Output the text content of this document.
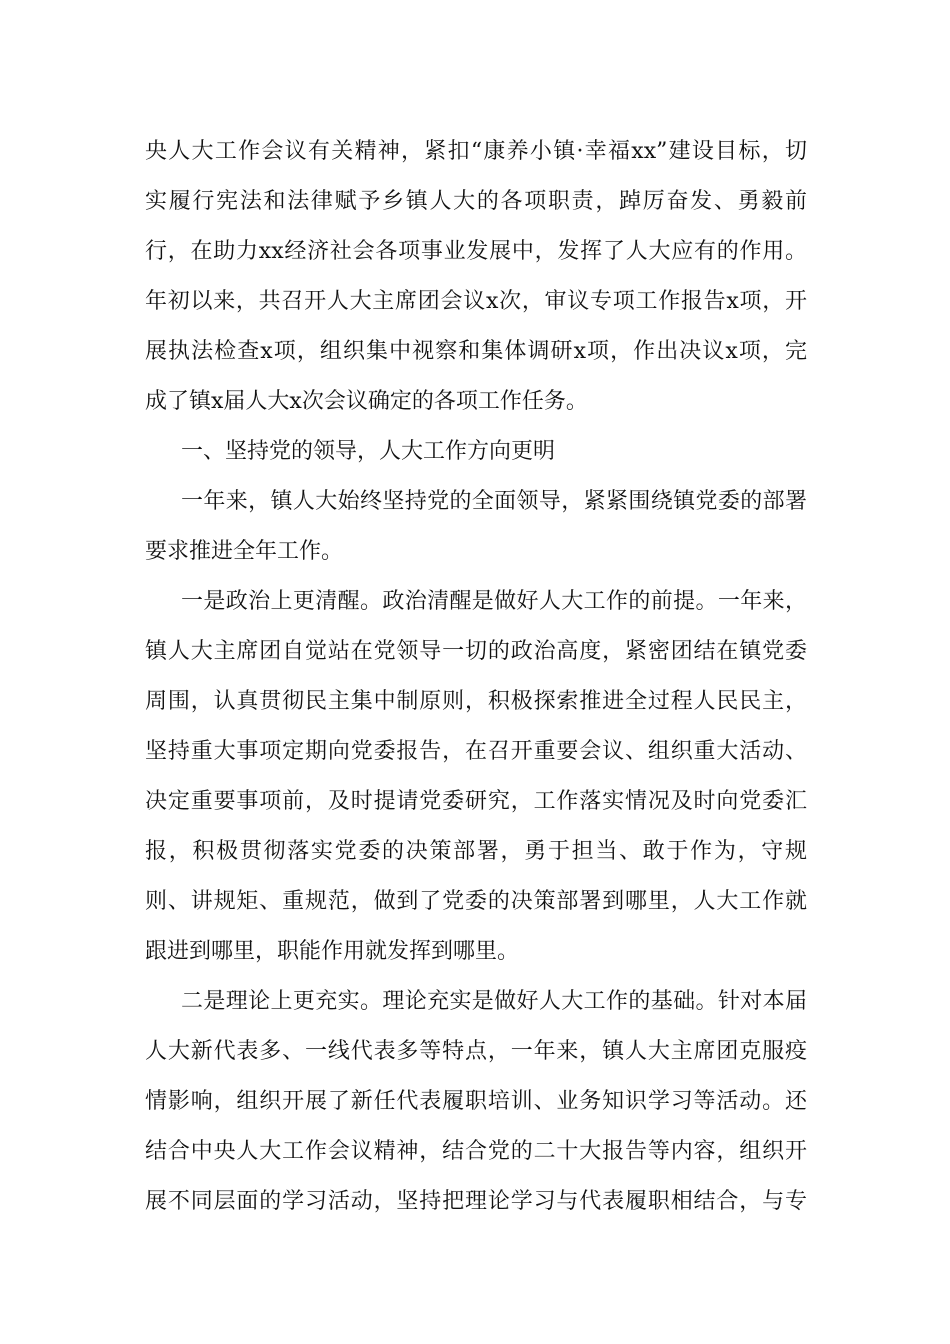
央人大工作会议有关精神，紧扣“康养小镇·幸福xx”建设目标，切
实履行宪法和法律赋予乡镇人大的各项职责，踔厉奋发、勇毅前
行，在助力xx经济社会各项事业发展中，发挥了人大应有的作用。
年初以来，共召开人大主席团会议x次，审议专项工作报告x项，开
展执法检查x项，组织集中视察和集体调研x项，作出决议x项，完
成了镇x届人大x次会议确定的各项工作任务。
一、坚持党的领导，人大工作方向更明
一年来，镇人大始终坚持党的全面领导，紧紧围绕镇党委的部署
要求推进全年工作。
一是政治上更清醒。政治清醒是做好人大工作的前提。一年来，
镇人大主席团自觉站在党领导一切的政治高度，紧密团结在镇党委
周围，认真贯彻民主集中制原则，积极探索推进全过程人民民主，
坚持重大事项定期向党委报告，在召开重要会议、组织重大活动、
决定重要事项前，及时提请党委研究，工作落实情况及时向党委汇
报，积极贯彻落实党委的决策部署，勇于担当、敢于作为，守规
则、讲规矩、重规范，做到了党委的决策部署到哪里，人大工作就
跟进到哪里，职能作用就发挥到哪里。
二是理论上更充实。理论充实是做好人大工作的基础。针对本届
人大新代表多、一线代表多等特点，一年来，镇人大主席团克服疫
情影响，组织开展了新任代表履职培训、业务知识学习等活动。还
结合中央人大工作会议精神，结合党的二十大报告等内容，组织开
展不同层面的学习活动，坚持把理论学习与代表履职相结合，与专
